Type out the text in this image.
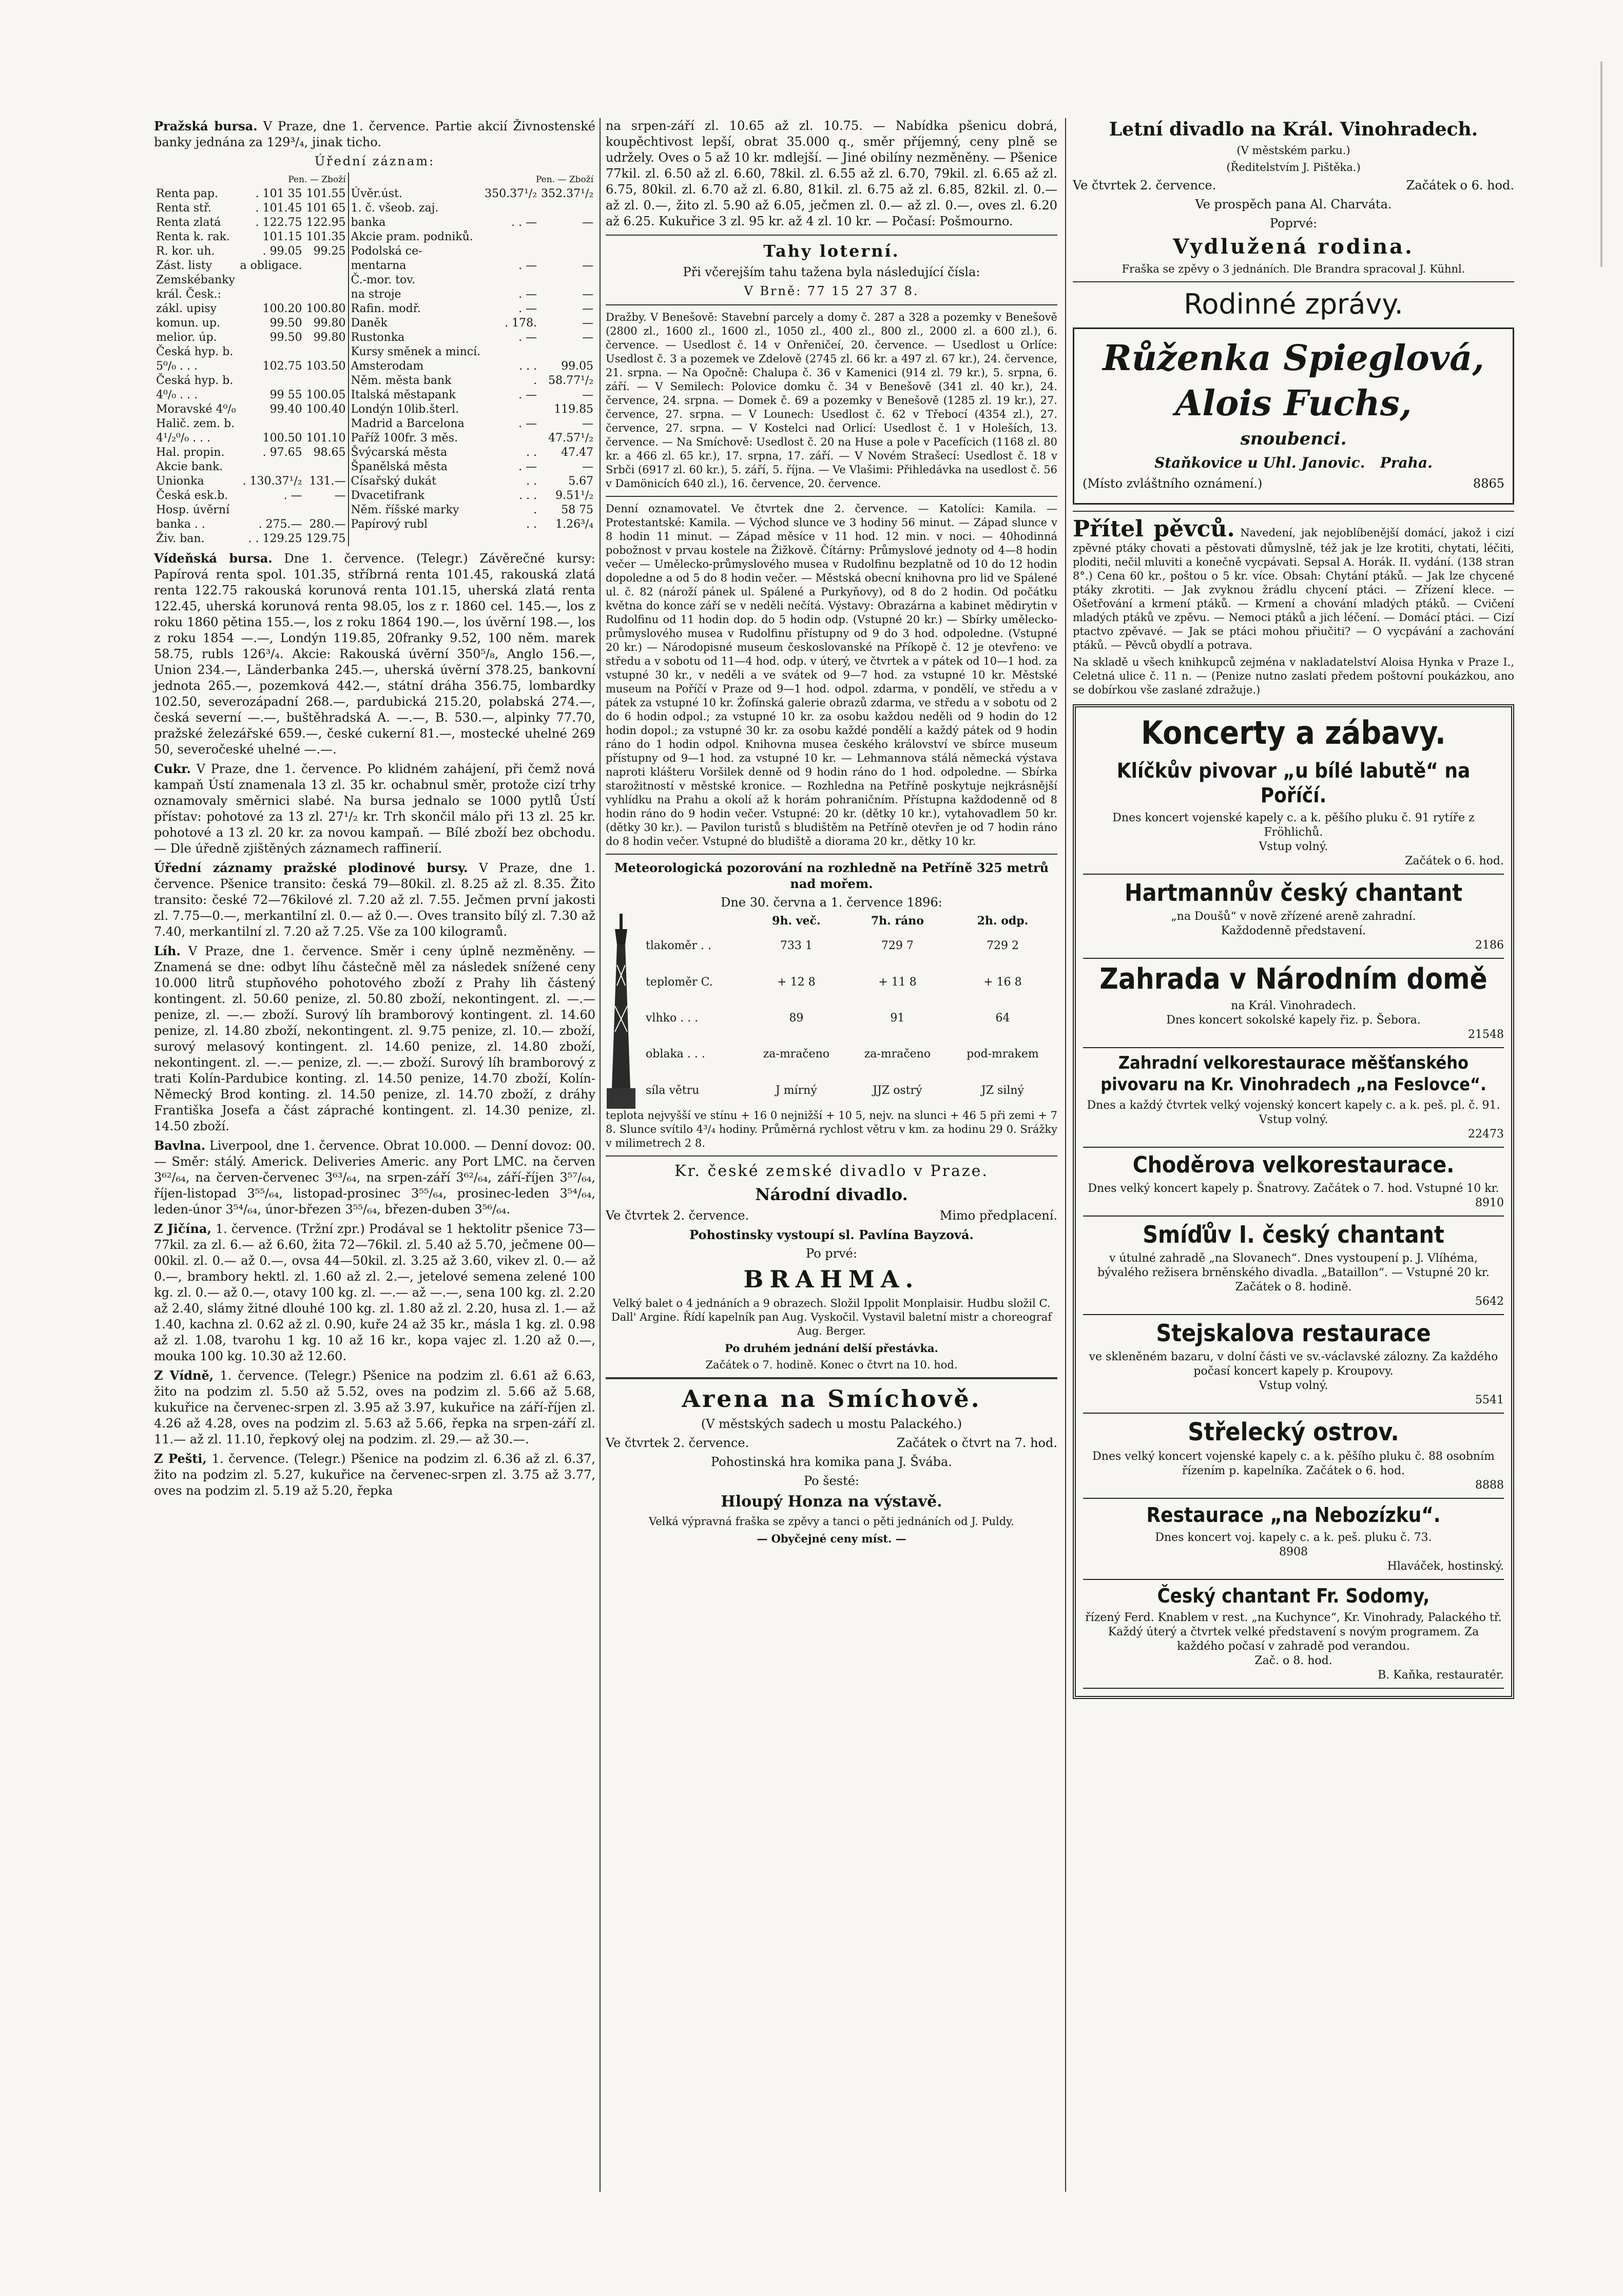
Pražská bursa. V Praze, dne 1. července. Partie akcií Živnostenské banky jednána za 129³/₄, jinak ticho.

Úřední záznam:

	Pen. — Zboží			Pen. — Zboží	
Renta pap.	. 101 35	101.55	Úvěr.úst.	350.37¹/₂	352.37¹/₂
Renta stř.	. 101.45	101 65	1. č. všeob. zaj.		
Renta zlatá	. 122.75	122.95	banka	. . —	—
Renta k. rak.	101.15	101.35	Akcie pram. podniků.		
R. kor. uh.	. 99.05	99.25	Podolská ce-		
Zást. listy	a obligace.		mentarna	. —	—
Zemskébanky			Č.-mor. tov.		
král. Česk.:			na stroje	. —	—
zákl. upisy	100.20	100.80	Rafin. modř.	. —	—
komun. up.	99.50	99.80	Daněk	. 178.	—
melior. úp.	99.50	99.80	Rustonka	. —	—
Česká hyp. b.			Kursy směnek a mincí.		
5⁰/₀ . . .	102.75	103.50	Amsterodam	. . .	99.05
Česká hyp. b.			Něm. města bank	.	58.77¹/₂
4⁰/₀ . . .	99 55	100.05	Italská městapank	. —	—
Moravské 4⁰/₀	99.40	100.40	Londýn 10lib.šterl.		119.85
Halič. zem. b.			Madrid a Barcelona	. —	—
4¹/₂⁰/₀ . . .	100.50	101.10	Paříž 100fr. 3 měs.		47.57¹/₂
Hal. propin.	. 97.65	98.65	Švýcarská města	. .	47.47
Akcie bank.			Španělská města	. —	—
Unionka	. 130.37¹/₂	131.—	Císařský dukát	. .	5.67
Česká esk.b.	. —	—	Dvacetifrank	. . .	9.51¹/₂
Hosp. úvěrní			Něm. říšské marky	.	58 75
banka . .	. 275.—	280.—	Papírový rubl	. .	1.26³/₄
Živ. ban.	. . 129.25	129.75			

Vídeňská bursa. Dne 1. července. (Telegr.) Závěrečné kursy: Papírová renta spol. 101.35, stříbrná renta 101.45, rakouská zlatá renta 122.75 rakouská korunová renta 101.15, uherská zlatá renta 122.45, uherská korunová renta 98.05, los z r. 1860 cel. 145.—, los z roku 1860 pětina 155.—, los z roku 1864 190.—, los úvěrní 198.—, los z roku 1854 —.—, Londýn 119.85, 20franky 9.52, 100 něm. marek 58.75, rubls 126³/₄. Akcie: Rakouská úvěrní 350⁵/₈, Anglo 156.—, Union 234.—, Länderbanka 245.—, uherská úvěrní 378.25, bankovní jednota 265.—, pozemková 442.—, státní dráha 356.75, lombardky 102.50, severozápadní 268.—, pardubická 215.20, polabská 274.—, česká severní —.—, buštěhradská A. —.—, B. 530.—, alpinky 77.70, pražské železářské 659.—, české cukerní 81.—, mostecké uhelné 269 50, severočeské uhelné —.—.

Cukr. V Praze, dne 1. července. Po klidném zahájení, při čemž nová kampaň Ústí znamenala 13 zl. 35 kr. ochabnul směr, protože cizí trhy oznamovaly směrnici slabé. Na bursa jednalo se 1000 pytlů Ústí přístav: pohotové za 13 zl. 27¹/₂ kr. Trh skončil málo při 13 zl. 25 kr. pohotové a 13 zl. 20 kr. za novou kampaň. — Bílé zboží bez obchodu. — Dle úředně zjištěných záznamech raffinerií.

Úřední záznamy pražské plodinové bursy. V Praze, dne 1. července. Pšenice transito: česká 79—80kil. zl. 8.25 až zl. 8.35. Žito transito: české 72—76kilové zl. 7.20 až zl. 7.55. Ječmen první jakosti zl. 7.75—0.—, merkantilní zl. 0.— až 0.—. Oves transito bílý zl. 7.30 až 7.40, merkantilní zl. 7.20 až 7.25. Vše za 100 kilogramů.

Líh. V Praze, dne 1. července. Směr i ceny úplně nezměněny. — Znamená se dne: odbyt líhu částečně měl za následek snížené ceny 10.000 litrů stupňového pohotového zboží z Prahy lih částený kontingent. zl. 50.60 penize, zl. 50.80 zboží, nekontingent. zl. —.— penize, zl. —.— zboží. Surový líh bramborový kontingent. zl. 14.60 penize, zl. 14.80 zboží, nekontingent. zl. 9.75 penize, zl. 10.— zboží, surový melasový kontingent. zl. 14.60 penize, zl. 14.80 zboží, nekontingent. zl. —.— penize, zl. —.— zboží. Surový líh bramborový z trati Kolín-Pardubice konting. zl. 14.50 penize, 14.70 zboží, Kolín-Německý Brod konting. zl. 14.50 penize, zl. 14.70 zboží, z dráhy Františka Josefa a část zápraché kontingent. zl. 14.30 penize, zl. 14.50 zboží.

Bavlna. Liverpool, dne 1. července. Obrat 10.000. — Denní dovoz: 00. — Směr: stálý. Americk. Deliveries Americ. any Port LMC. na červen 3⁶²/₆₄, na červen-červenec 3⁶³/₆₄, na srpen-září 3⁶²/₆₄, září-říjen 3⁵⁷/₆₄, říjen-listopad 3⁵⁵/₆₄, listopad-prosinec 3⁵⁵/₆₄, prosinec-leden 3⁵⁴/₆₄, leden-únor 3⁵⁴/₆₄, únor-březen 3⁵⁵/₆₄, březen-duben 3⁵⁶/₆₄.

Z Jičína, 1. července. (Tržní zpr.) Prodával se 1 hektolitr pšenice 73—77kil. za zl. 6.— až 6.60, žita 72—76kil. zl. 5.40 až 5.70, ječmene 00—00kil. zl. 0.— až 0.—, ovsa 44—50kil. zl. 3.25 až 3.60, vikev zl. 0.— až 0.—, brambory hektl. zl. 1.60 až zl. 2.—, jetelové semena zelené 100 kg. zl. 0.— až 0.—, otavy 100 kg. zl. —.— až —.—, sena 100 kg. zl. 2.20 až 2.40, slámy žitné dlouhé 100 kg. zl. 1.80 až zl. 2.20, husa zl. 1.— až 1.40, kachna zl. 0.62 až zl. 0.90, kuře 24 až 35 kr., másla 1 kg. zl. 0.98 až zl. 1.08, tvarohu 1 kg. 10 až 16 kr., kopa vajec zl. 1.20 až 0.—, mouka 100 kg. 10.30 až 12.60.

Z Vídně, 1. července. (Telegr.) Pšenice na podzim zl. 6.61 až 6.63, žito na podzim zl. 5.50 až 5.52, oves na podzim zl. 5.66 až 5.68, kukuřice na červenec-srpen zl. 3.95 až 3.97, kukuřice na září-říjen zl. 4.26 až 4.28, oves na podzim zl. 5.63 až 5.66, řepka na srpen-září zl. 11.— až zl. 11.10, řepkový olej na podzim. zl. 29.— až 30.—.

Z Pešti, 1. července. (Telegr.) Pšenice na podzim zl. 6.36 až zl. 6.37, žito na podzim zl. 5.27, kukuřice na červenec-srpen zl. 3.75 až 3.77, oves na podzim zl. 5.19 až 5.20, řepka

na srpen-září zl. 10.65 až zl. 10.75. — Nabídka pšenicu dobrá, koupěchtivost lepší, obrat 35.000 q., směr příjemný, ceny plně se udržely. Oves o 5 až 10 kr. mdlejší. — Jiné obilíny nezměněny. — Pšenice 77kil. zl. 6.50 až zl. 6.60, 78kil. zl. 6.55 až zl. 6.70, 79kil. zl. 6.65 až zl. 6.75, 80kil. zl. 6.70 až zl. 6.80, 81kil. zl. 6.75 až zl. 6.85, 82kil. zl. 0.— až zl. 0.—, žito zl. 5.90 až 6.05, ječmen zl. 0.— až zl. 0.—, oves zl. 6.20 až 6.25. Kukuřice 3 zl. 95 kr. až 4 zl. 10 kr. — Počasí: Pošmourno.

Tahy loterní.

Při včerejším tahu tažena byla následující čísla:

V Brně: 77 15 27 37 8.

Dražby. V Benešově: Stavební parcely a domy č. 287 a 328 a pozemky v Benešově (2800 zl., 1600 zl., 1600 zl., 1050 zl., 400 zl., 800 zl., 2000 zl. a 600 zl.), 6. července. — Usedlost č. 14 v Onřeničeí, 20. července. — Usedlost u Orlíce: Usedlost č. 3 a pozemek ve Zdelově (2745 zl. 66 kr. a 497 zl. 67 kr.), 24. července, 21. srpna. — Na Opočně: Chalupa č. 36 v Kamenici (914 zl. 79 kr.), 5. srpna, 6. září. — V Semilech: Polovice domku č. 34 v Benešově (341 zl. 40 kr.), 24. července, 24. srpna. — Domek č. 69 a pozemky v Benešově (1285 zl. 19 kr.), 27. července, 27. srpna. — V Lounech: Usedlost č. 62 v Třebocí (4354 zl.), 27. července, 27. srpna. — V Kostelci nad Orlicí: Usedlost č. 1 v Holeších, 13. července. — Na Smíchově: Usedlost č. 20 na Huse a pole v Pacefícich (1168 zl. 80 kr. a 466 zl. 65 kr.), 17. srpna, 17. září. — V Novém Strašecí: Usedlost č. 18 v Srbči (6917 zl. 60 kr.), 5. září, 5. října. — Ve Vlašimi: Přihledávka na usedlost č. 56 v Damönicích 640 zl.), 16. července, 20. července.

Denní oznamovatel. Ve čtvrtek dne 2. července. — Katolíci: Kamila. — Protestantské: Kamila. — Východ slunce ve 3 hodiny 56 minut. — Západ slunce v 8 hodin 11 minut. — Západ měsíce v 11 hod. 12 min. v noci. — 40hodinná pobožnost v prvau kostele na Žižkově. Čítárny: Průmyslové jednoty od 4—8 hodin večer — Umělecko-průmyslového musea v Rudolfinu bezplatně od 10 do 12 hodin dopoledne a od 5 do 8 hodin večer. — Městská obecní knihovna pro lid ve Spálené ul. č. 82 (nároží pánek ul. Spálené a Purkyňovy), od 8 do 2 hodin. Od počátku května do konce září se v neděli nečítá. Výstavy: Obrazárna a kabinet mědirytin v Rudolfinu od 11 hodin dop. do 5 hodin odp. (Vstupné 20 kr.) — Sbírky umělecko-průmyslového musea v Rudolfinu přístupny od 9 do 3 hod. odpoledne. (Vstupné 20 kr.) — Národopisné museum českoslovanské na Příkopě č. 12 je otevřeno: ve středu a v sobotu od 11—4 hod. odp. v úterý, ve čtvrtek a v pátek od 10—1 hod. za vstupné 30 kr., v neděli a ve svátek od 9—7 hod. za vstupné 10 kr. Městské museum na Poříčí v Praze od 9—1 hod. odpol. zdarma, v pondělí, ve středu a v pátek za vstupné 10 kr. Žofínská galerie obrazů zdarma, ve středu a v sobotu od 2 do 6 hodin odpol.; za vstupné 10 kr. za osobu každou neděli od 9 hodin do 12 hodin dopol.; za vstupné 30 kr. za osobu každé pondělí a každý pátek od 9 hodin ráno do 1 hodin odpol. Knihovna musea českého království ve sbírce museum přístupny od 9—1 hod. za vstupné 10 kr. — Lehmannova stálá německá výstava naproti klášteru Voršilek denně od 9 hodin ráno do 1 hod. odpoledne. — Sbírka starožitností v městské kronice. — Rozhledna na Petříně poskytuje nejkrásnější vyhlídku na Prahu a okolí až k horám pohraničním. Přístupna každodenně od 8 hodin ráno do 9 hodin večer. Vstupné: 20 kr. (dětky 10 kr.), vytahovadlem 50 kr. (dětky 30 kr.). — Pavilon turistů s bludištěm na Petříně otevřen je od 7 hodin ráno do 8 hodin večer. Vstupné do bludiště a diorama 20 kr., dětky 10 kr.

Meteorologická pozorování na rozhledně na Petříně 325 metrů nad mořem.

Dne 30. června a 1. července 1896:

	9h. več.	7h. ráno	2h. odp.
tlakoměr . .	733 1	729 7	729 2
teploměr C.	+ 12 8	+ 11 8	+ 16 8
vlhko . . .	89	91	64
oblaka . . .	za-mračeno	za-mračeno	pod-mrakem
síla větru	J mírný	JJZ ostrý	JZ silný

teplota nejvyšší ve stínu + 16 0 nejnižší + 10 5, nejv. na slunci + 46 5 při zemi + 7 8. Slunce svítilo 4³/₄ hodiny. Průměrná rychlost větru v km. za hodinu 29 0. Srážky v milimetrech 2 8.

Kr. české zemské divadlo v Praze.

Národní divadlo.

Ve čtvrtek 2. července.	Mimo předplacení.

Pohostinsky vystoupí sl. Pavlína Bayzová.

Po prvé:

BRAHMA.

Velký balet o 4 jednáních a 9 obrazech. Složil Ippolit Monplaisir. Hudbu složil C. Dall' Argine. Řídí kapelník pan Aug. Vyskočil. Vystavil baletní mistr a choreograf Aug. Berger.

Po druhém jednání delší přestávka.

Začátek o 7. hodině. Konec o čtvrt na 10. hod.

Arena na Smíchově.

(V městských sadech u mostu Palackého.)

Ve čtvrtek 2. července.	Začátek o čtvrt na 7. hod.

Pohostinská hra komika pana J. Švába.

Po šesté:

Hloupý Honza na výstavě.

Velká výpravná fraška se zpěvy a tanci o pěti jednáních od J. Puldy.

— Obyčejné ceny míst. —

Letní divadlo na Král. Vinohradech.

(V městském parku.)

(Ředitelstvím J. Pištěka.)

Ve čtvrtek 2. července.	Začátek o 6. hod.

Ve prospěch pana Al. Charváta.

Poprvé:

Vydlužená rodina.

Fraška se zpěvy o 3 jednáních. Dle Brandra spracoval J. Kühnl.

Rodinné zprávy.

Růženka Spieglová,

Alois Fuchs,

snoubenci.

Staňkovice u Uhl. Janovic.   Praha.

(Místo zvláštního oznámení.)	8865

Přítel pěvců. Navedení, jak nejoblíbenější domácí, jakož i cizí zpěvné ptáky chovati a pěstovati důmyslně, též jak je lze krotiti, chytati, léčiti, ploditi, nečil mluviti a konečně vycpávati. Sepsal A. Horák. II. vydání. (138 stran 8°.) Cena 60 kr., poštou o 5 kr. více. Obsah: Chytání ptáků. — Jak lze chycené ptáky zkrotiti. — Jak zvyknou žrádlu chycení ptáci. — Zřízení klece. — Ošetřování a krmení ptáků. — Krmení a chování mladých ptáků. — Cvičení mladých ptáků ve zpěvu. — Nemoci ptáků a jich léčení. — Domácí ptáci. — Cizí ptactvo zpěvavé. — Jak se ptáci mohou přiučiti? — O vycpávání a zachování ptáků. — Pěvců obydlí a potrava.

Na skladě u všech knihkupců zejména v nakladatelství Aloisa Hynka v Praze I., Celetná ulice č. 11 n. — (Penize nutno zaslati předem poštovní poukázkou, ano se dobírkou vše zaslané zdražuje.)

Koncerty a zábavy.

Klíčkův pivovar „u bílé labutě“ na Poříčí.

Dnes koncert vojenské kapely c. a k. pěšího pluku č. 91 rytíře z Fröhlichů.

Vstup volný.

Začátek o 6. hod.

Hartmannův český chantant

„na Doušů“ v nově zřízené areně zahradní.

Každodenně představení.

2186

Zahrada v Národním domě

na Král. Vinohradech.

Dnes koncert sokolské kapely řiz. p. Šebora.

21548

Zahradní velkorestaurace měšťanského pivovaru na Kr. Vinohradech „na Feslovce“.

Dnes a každý čtvrtek velký vojenský koncert kapely c. a k. peš. pl. č. 91. Vstup volný.

22473

Choděrova velkorestaurace.

Dnes velký koncert kapely p. Šnatrovy. Začátek o 7. hod. Vstupné 10 kr.

8910

Smíďův I. český chantant

v útulné zahradě „na Slovanech“. Dnes vystoupení p. J. Vlíhéma, bývalého režisera brněnského divadla. „Bataillon“. — Vstupné 20 kr. Začátek o 8. hodině.

5642

Stejskalova restaurace

ve skleněném bazaru, v dolní části ve sv.-václavské zálozny. Za každého počasí koncert kapely p. Kroupovy.

Vstup volný.

5541

Střelecký ostrov.

Dnes velký koncert vojenské kapely c. a k. pěšího pluku č. 88 osobním řízením p. kapelníka. Začátek o 6. hod.

8888

Restaurace „na Nebozízku“.

Dnes koncert voj. kapely c. a k. peš. pluku č. 73.

8908

Hlaváček, hostinský.

Český chantant Fr. Sodomy,

řízený Ferd. Knablem v rest. „na Kuchynce“, Kr. Vinohrady, Palackého tř. Každý úterý a čtvrtek velké představení s novým programem. Za každého počasí v zahradě pod verandou.

Zač. o 8. hod.

B. Kaňka, restauratér.
